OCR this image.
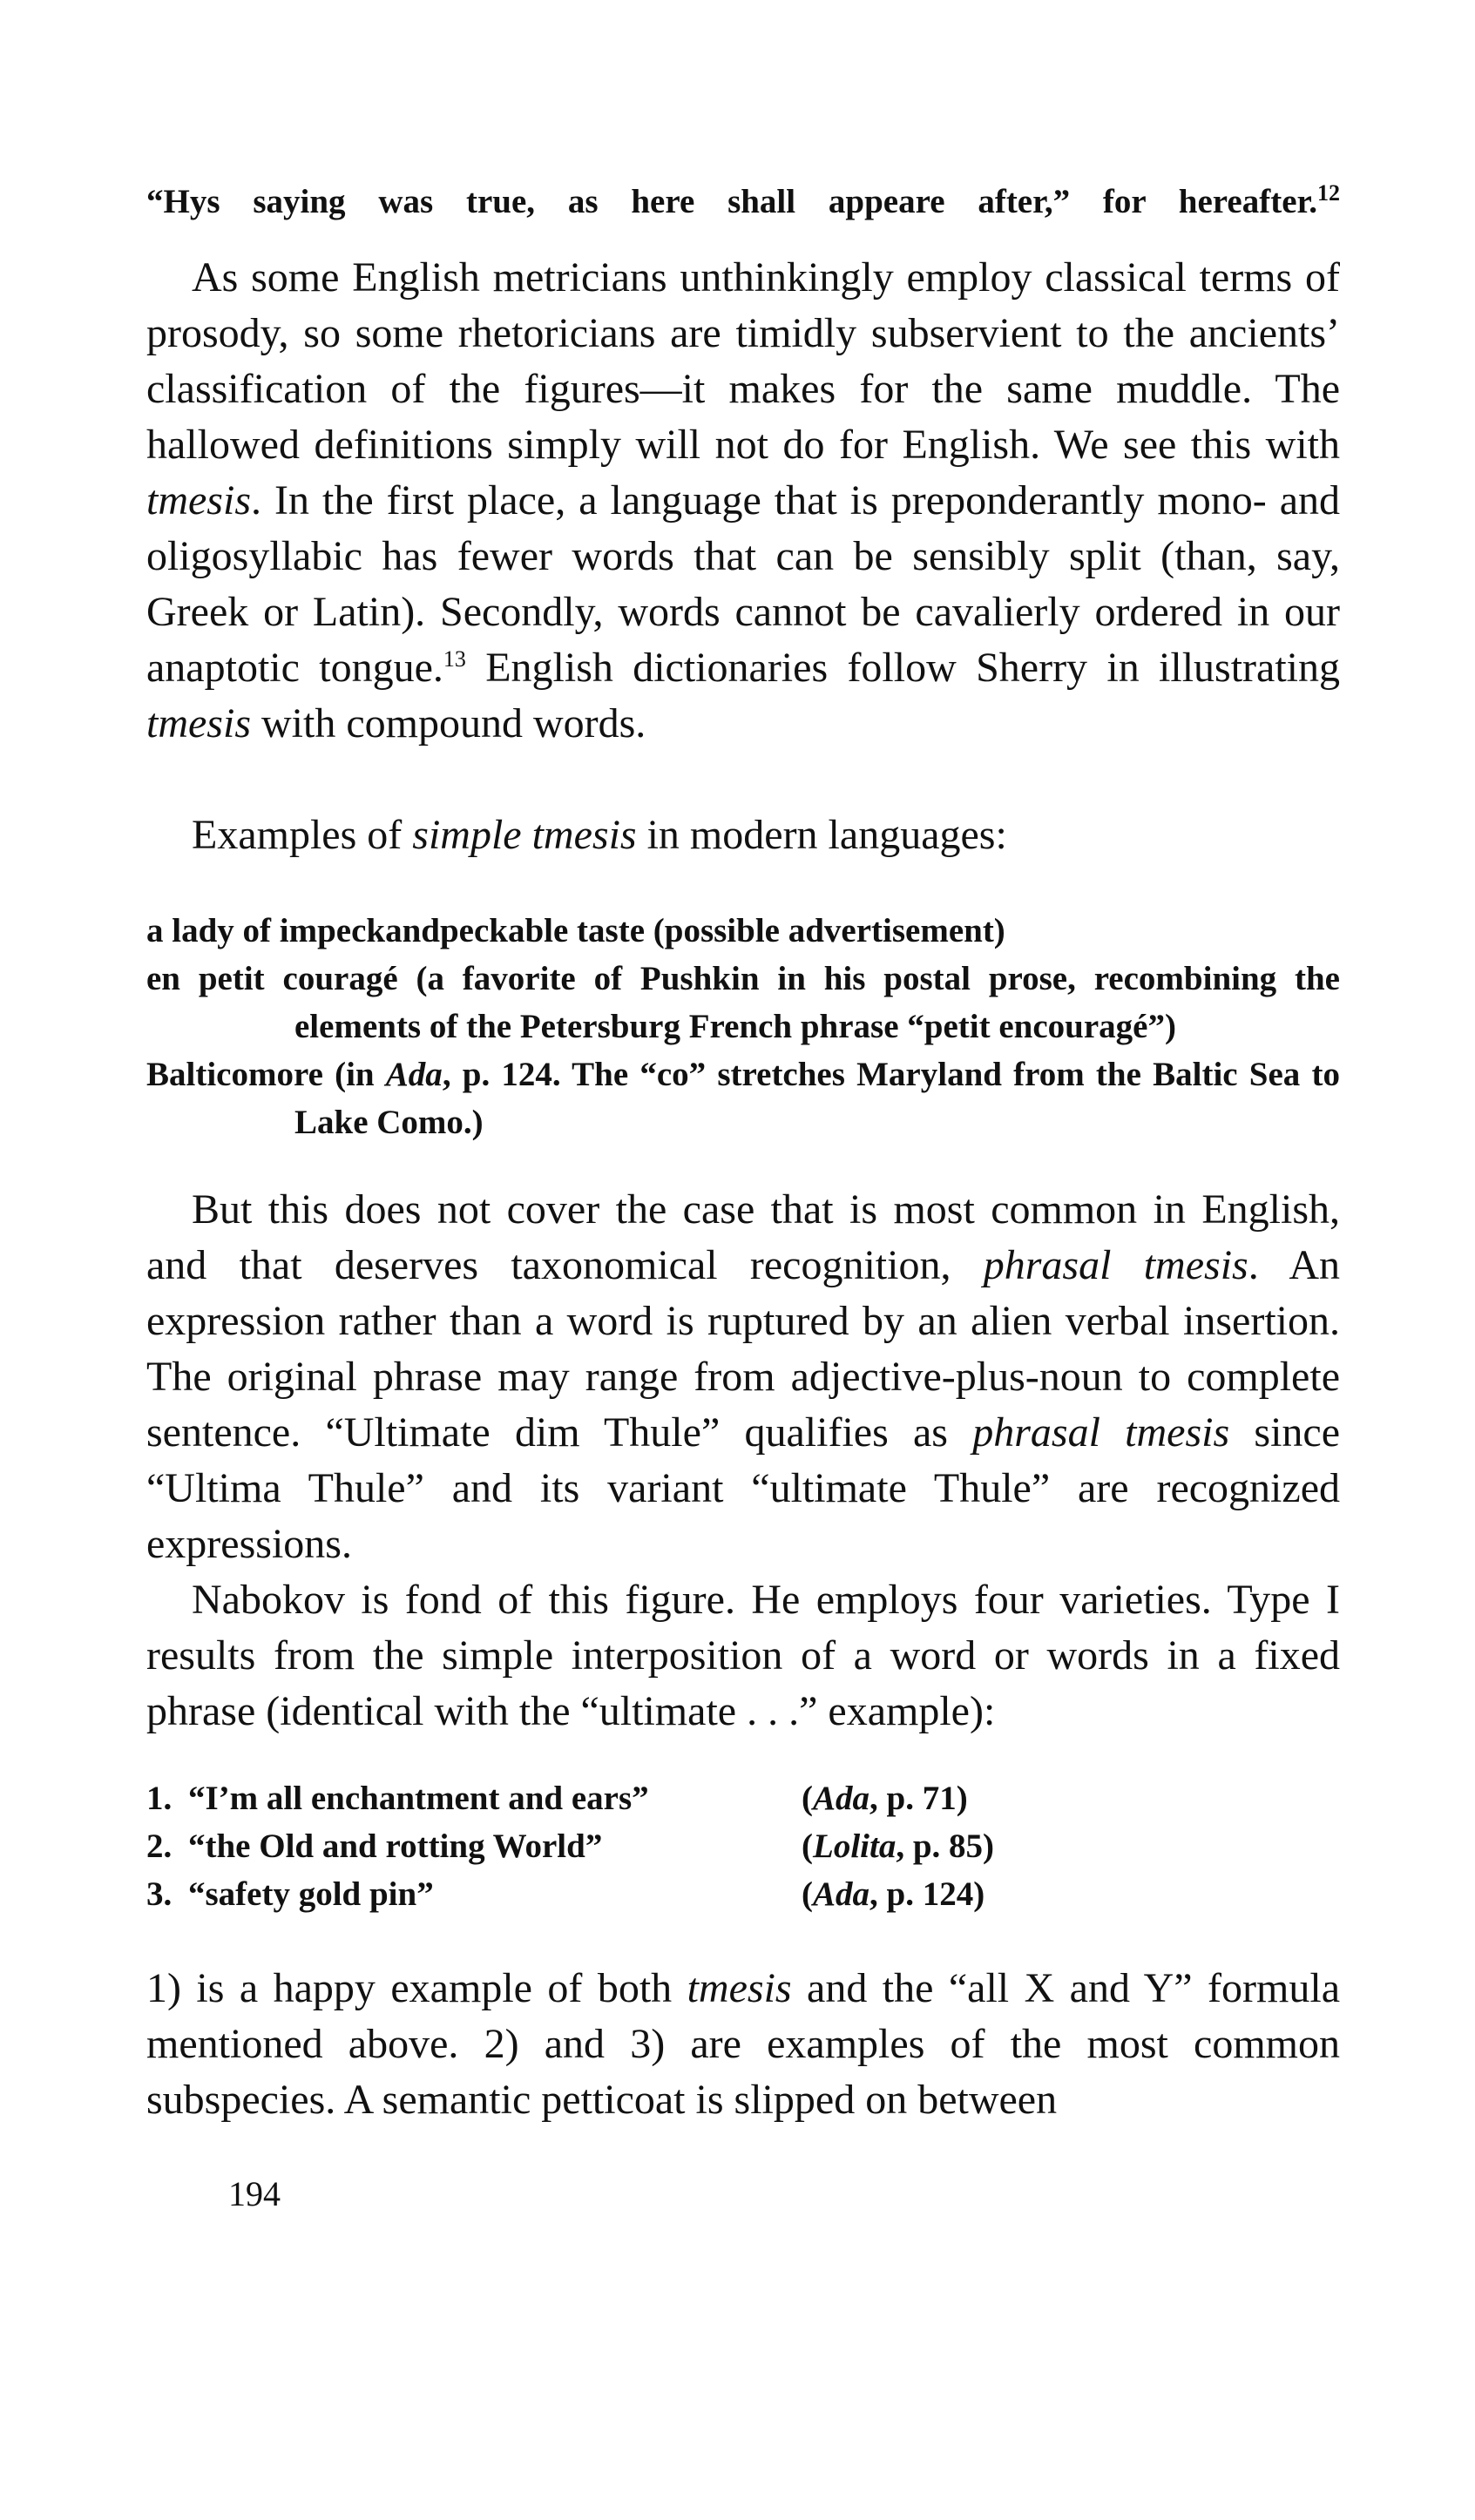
“Hys saying was true, as here shall appeare after,” for hereafter.$^{12}$

As some English metricians unthinkingly employ classical terms of prosody, so some rhetoricians are timidly subservient to the ancients’ classification of the figures—it makes for the same muddle. The hallowed definitions simply will not do for English. We see this with tmesis. In the first place, a language that is preponderantly mono- and oligosyllabic has fewer words that can be sensibly split (than, say, Greek or Latin). Secondly, words cannot be cavalierly ordered in our anaptotic tongue.$^{13}$ English dictionaries follow Sherry in illustrating tmesis with compound words.

Examples of simple tmesis in modern languages:

a lady of impeckandpeckable taste (possible advertisement)

en petit couragé (a favorite of Pushkin in his postal prose, recombining the elements of the Petersburg French phrase “petit encouragé”)

Balticomore (in Ada, p. 124. The “co” stretches Maryland from the Baltic Sea to Lake Como.)

But this does not cover the case that is most common in English, and that deserves taxonomical recognition, phrasal tmesis. An expression rather than a word is ruptured by an alien verbal insertion. The original phrase may range from adjective-plus-noun to complete sentence. “Ultimate dim Thule” qualifies as phrasal tmesis since “Ultima Thule” and its variant “ultimate Thule” are recognized expressions.

Nabokov is fond of this figure. He employs four varieties. Type I results from the simple interposition of a word or words in a fixed phrase (identical with the “ultimate . . .” example):

1. “I’m all enchantment and ears”	(Ada, p. 71)
2. “the Old and rotting World”	(Lolita, p. 85)
3. “safety gold pin”	(Ada, p. 124)

1) is a happy example of both tmesis and the “all X and Y” formula mentioned above. 2) and 3) are examples of the most common subspecies. A semantic petticoat is slipped on between

194
